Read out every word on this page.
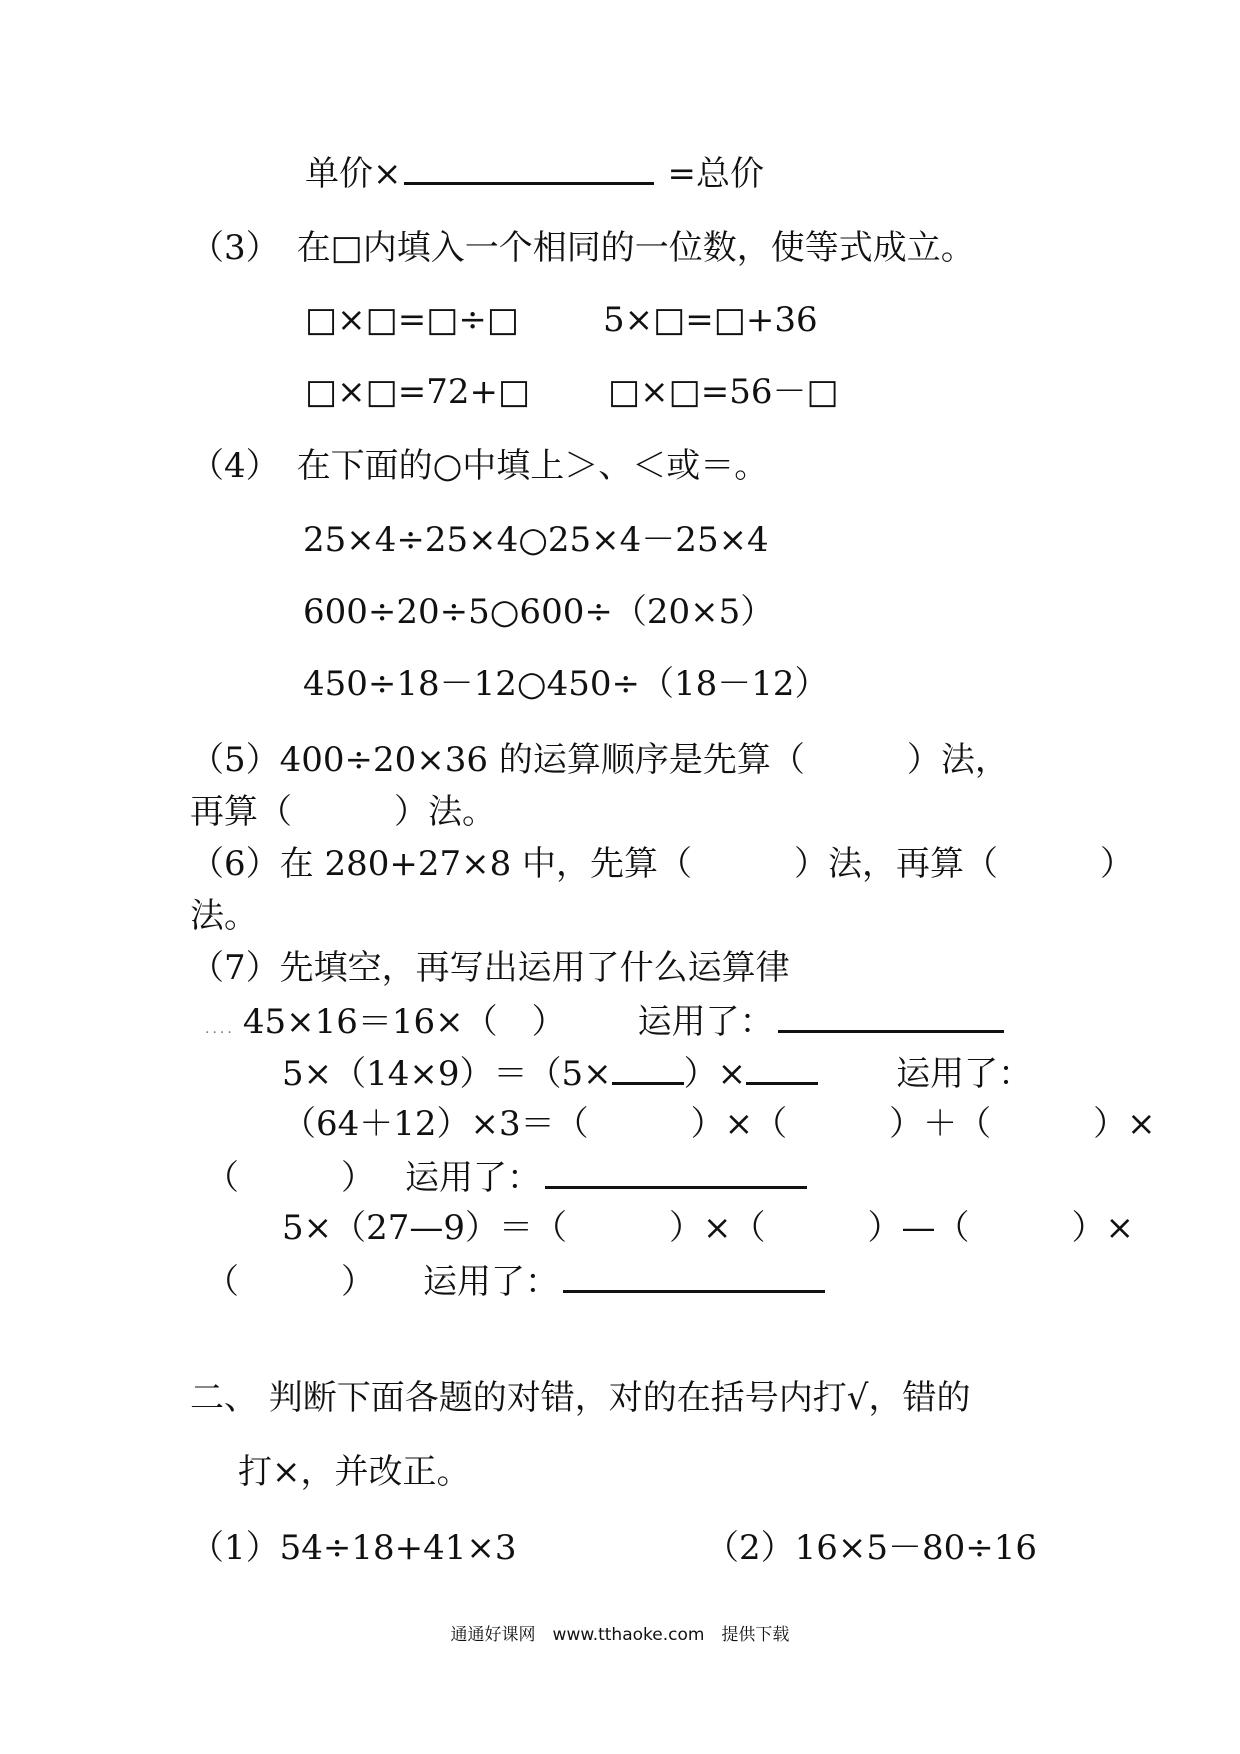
单价×	=总价
（3）　在□内填入一个相同的一位数，使等式成立。
□×□=□÷□ 5×□=□+36
□×□=72+□ □×□=56－□
（4）　在下面的○中填上＞、＜或＝。
25×4÷25×4○25×4－25×4
600÷20÷5○600÷（20×5）
450÷18－12○450÷（18－12）
（5）400÷20×36 的运算顺序是先算（　　　）法，
再算（　　　）法。
（6）在 280+27×8 中，先算（　　　）法，再算（　　　）
法。
（7）先填空，再写出运用了什么运算律
.... 45×16＝16×（　） 运用了：
5×（14×9）＝（5× ）×	运用了：
（64＋12）×3＝（　　　）×（　　　）＋（　　　）×
（　　　） 运用了：
5×（27—9）＝（　　　）×（　　　）—（　　　）×
（　　　） 运用了：
二、 判断下面各题的对错，对的在括号内打√，错的
打×，并改正。
（1）54÷18+41×3	（2）16×5－80÷16
通通好课网　www.tthaoke.com　提供下载
